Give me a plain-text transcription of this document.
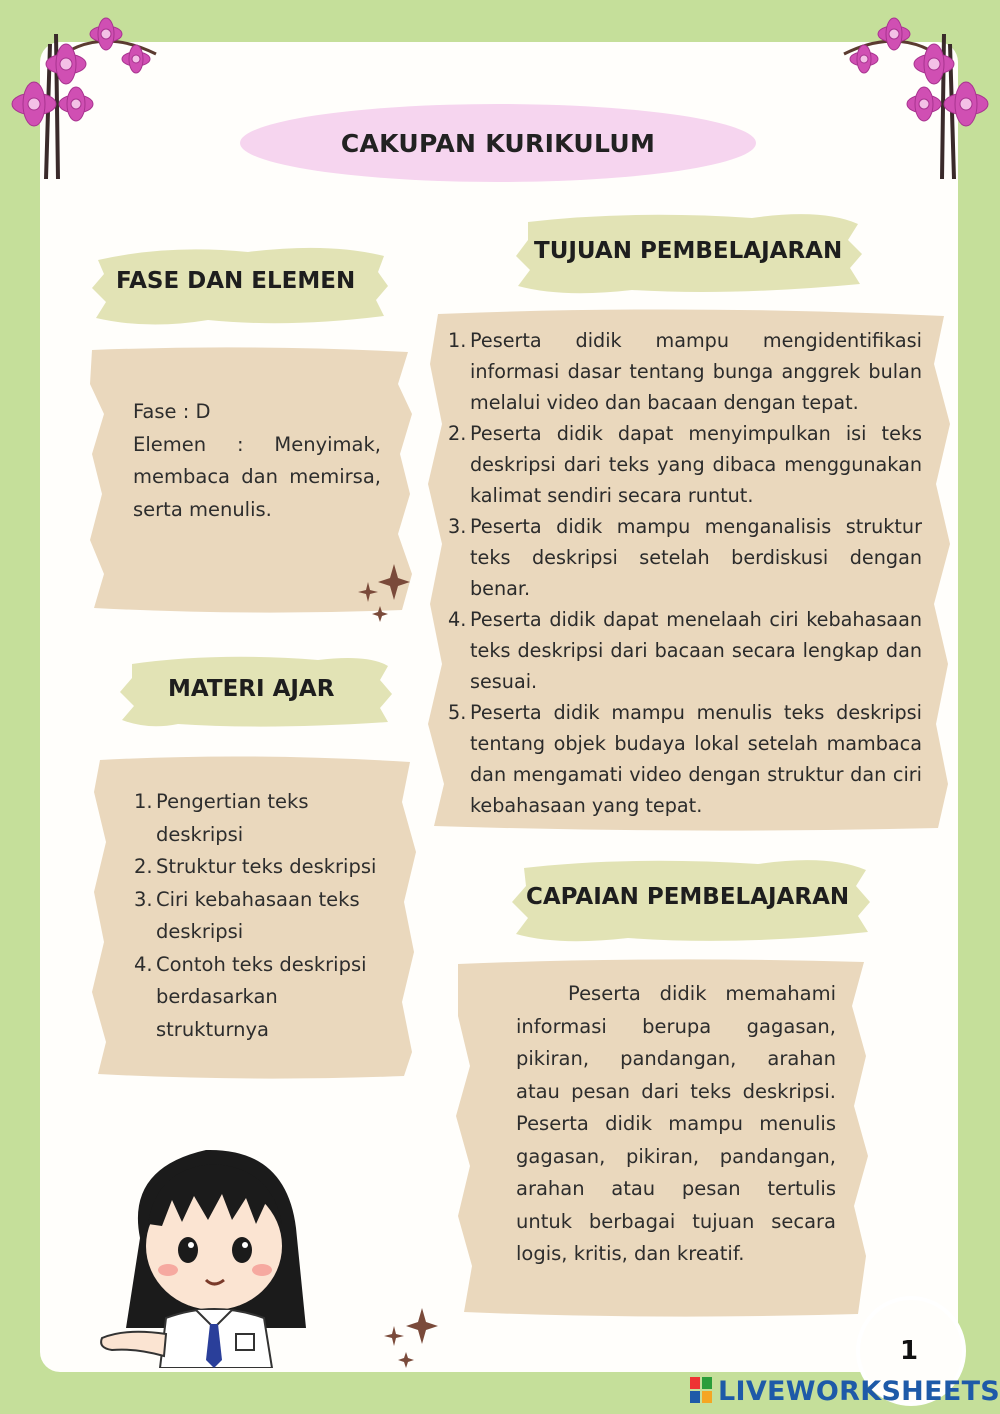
CAKUPAN KURIKULUM
FASE DAN ELEMEN
Fase : D
Elemen : Menyimak, membaca dan memirsa, serta menulis.
MATERI AJAR
1. Pengertian teks deskripsi
2. Struktur teks deskripsi
3. Ciri kebahasaan teks deskripsi
4. Contoh teks deskripsi berdasarkan strukturnya
TUJUAN PEMBELAJARAN
1. Peserta didik mampu mengidentifikasi informasi dasar tentang bunga anggrek bulan melalui video dan bacaan dengan tepat.
2. Peserta didik dapat menyimpulkan isi teks deskripsi dari teks yang dibaca menggunakan kalimat sendiri secara runtut.
3. Peserta didik mampu menganalisis struktur teks deskripsi setelah berdiskusi dengan benar.
4. Peserta didik dapat menelaah ciri kebahasaan teks deskripsi dari bacaan secara lengkap dan sesuai.
5. Peserta didik mampu menulis teks deskripsi tentang objek budaya lokal setelah mambaca dan mengamati video dengan struktur dan ciri kebahasaan yang tepat.
CAPAIAN PEMBELAJARAN
Peserta didik memahami informasi berupa gagasan, pikiran, pandangan, arahan atau pesan dari teks deskripsi. Peserta didik mampu menulis gagasan, pikiran, pandangan, arahan atau pesan tertulis untuk berbagai tujuan secara logis, kritis, dan kreatif.
1
LIVEWORKSHEETS
